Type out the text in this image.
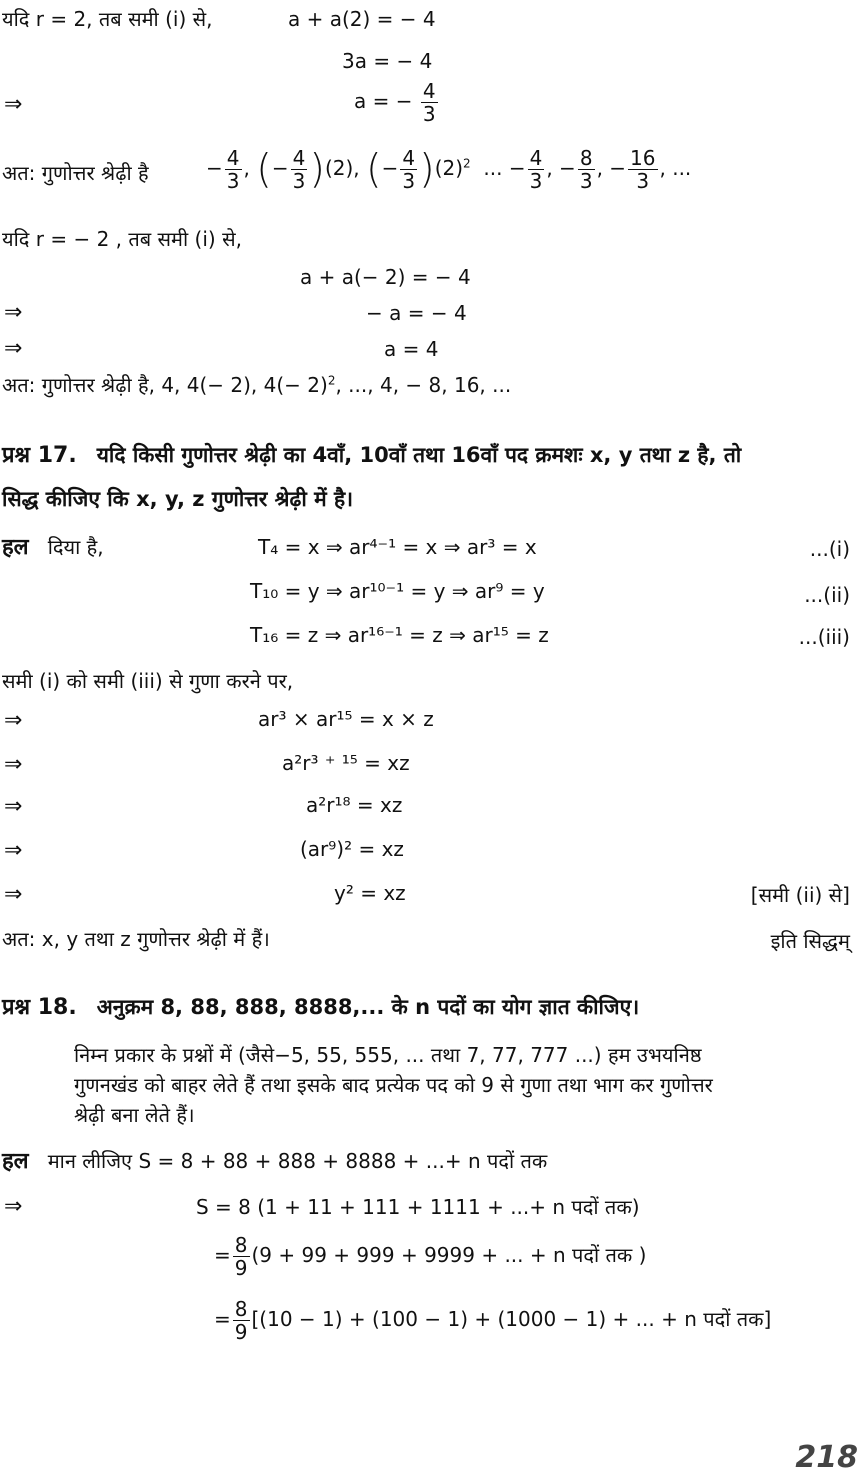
यदि r = 2, तब समी (i) से,	a + a(2) = − 4
3a = − 4
⇒	a = − $\frac{4}{3}$
अत: गुणोत्तर श्रेढ़ी है	− $\frac{4}{3}$ , (− $\frac{4}{3} )(2)$, (− $\frac{4}{3} )(2)^2$ ... − $\frac{4}{3}$ , − $\frac{8}{3}$ , − $\frac{16}{3}$ , ...
यदि r = − 2 , तब समी (i) से,
a + a(− 2) = − 4
⇒	− a = − 4
⇒	a = 4
अत: गुणोत्तर श्रेढ़ी है, 4, 4(− 2), $4(- 2)^2$, ..., 4, − 8, 16, ...
प्रश्न 17. यदि किसी गुणोत्तर श्रेढ़ी का 4वाँ, 10वाँ तथा 16वाँ पद क्रमशः x, y तथा z है, तो
सिद्ध कीजिए कि x, y, z गुणोत्तर श्रेढ़ी में है।
हल दिया है,	T₄ = x ⇒ ar⁴⁻¹ = x ⇒ ar³ = x	...(i)
T₁₀ = y ⇒ ar¹⁰⁻¹ = y ⇒ ar⁹ = y	...(ii)
T₁₆ = z ⇒ ar¹⁶⁻¹ = z ⇒ ar¹⁵ = z	...(iii)
समी (i) को समी (iii) से गुणा करने पर,
⇒	ar³ × ar¹⁵ = x × z
⇒	a²r³ ⁺ ¹⁵ = xz
⇒	a²r¹⁸ = xz
⇒	(ar⁹)² = xz
⇒	y² = xz	[समी (ii) से]
अत: x, y तथा z गुणोत्तर श्रेढ़ी में हैं।	इति सिद्धम्
प्रश्न 18. अनुक्रम 8, 88, 888, 8888,... के n पदों का योग ज्ञात कीजिए।
निम्न प्रकार के प्रश्नों में (जैसे−5, 55, 555, ... तथा 7, 77, 777 ...) हम उभयनिष्ठ
गुणनखंड को बाहर लेते हैं तथा इसके बाद प्रत्येक पद को 9 से गुणा तथा भाग कर गुणोत्तर
श्रेढ़ी बना लेते हैं।
हल मान लीजिए S = 8 + 88 + 888 + 8888 + ...+ n पदों तक
⇒	S = 8 (1 + 11 + 111 + 1111 + ...+ n पदों तक)
= $\frac{8}{9} (9 + 99 + 999 + 9999$ + ... + n पदों तक )
= $\frac{8}{9} [(10 - 1) + (100 - 1) + (1000 - 1)$ + ... + n पदों तक]
218
